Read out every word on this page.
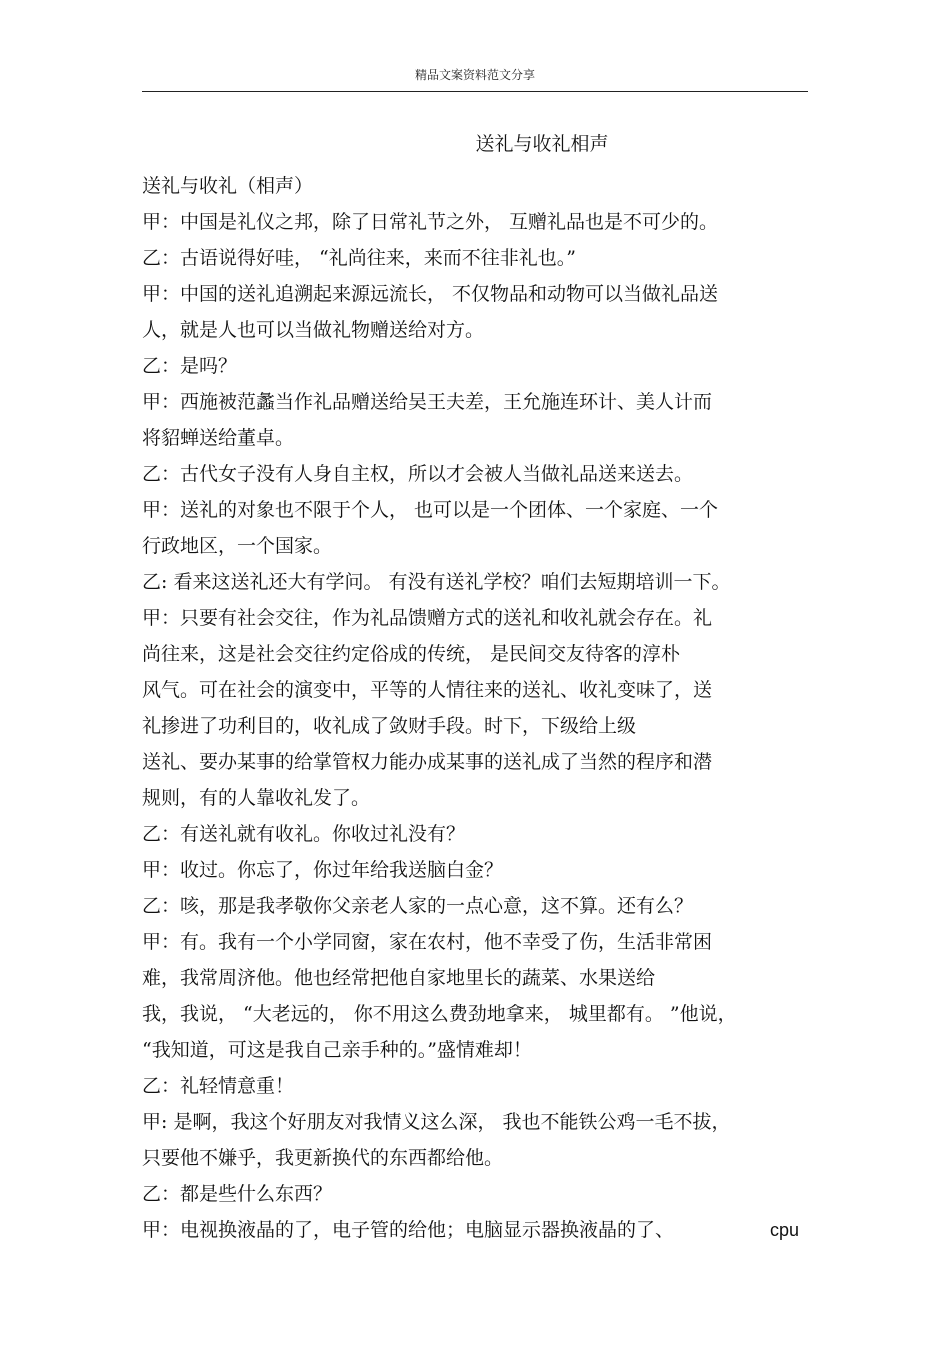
精品文案资料范文分享
送礼与收礼相声
送礼与收礼（相声）
甲：中国是礼仪之邦，除了日常礼节之外， 互赠礼品也是不可少的。
乙：古语说得好哇， “礼尚往来，来而不往非礼也。”
甲：中国的送礼追溯起来源远流长， 不仅物品和动物可以当做礼品送
人，就是人也可以当做礼物赠送给对方。
乙：是吗？
甲：西施被范蠡当作礼品赠送给吴王夫差，王允施连环计、美人计而
将貂蝉送给董卓。
乙：古代女子没有人身自主权，所以才会被人当做礼品送来送去。
甲：送礼的对象也不限于个人， 也可以是一个团体、一个家庭、一个
行政地区，一个国家。
乙: 看来这送礼还大有学问。 有没有送礼学校？咱们去短期培训一下。
甲：只要有社会交往，作为礼品馈赠方式的送礼和收礼就会存在。礼
尚往来，这是社会交往约定俗成的传统， 是民间交友待客的淳朴
风气。可在社会的演变中，平等的人情往来的送礼、收礼变味了，送
礼掺进了功利目的，收礼成了敛财手段。时下，下级给上级
送礼、要办某事的给掌管权力能办成某事的送礼成了当然的程序和潜
规则，有的人靠收礼发了。
乙：有送礼就有收礼。你收过礼没有？
甲：收过。你忘了，你过年给我送脑白金？
乙：咳，那是我孝敬你父亲老人家的一点心意，这不算。还有么？
甲：有。我有一个小学同窗，家在农村，他不幸受了伤，生活非常困
难，我常周济他。他也经常把他自家地里长的蔬菜、水果送给
我，我说， “大老远的， 你不用这么费劲地拿来， 城里都有。 ”他说，
“我知道，可这是我自己亲手种的。”盛情难却！
乙：礼轻情意重！
甲: 是啊，我这个好朋友对我情义这么深， 我也不能铁公鸡一毛不拔，
只要他不嫌乎，我更新换代的东西都给他。
乙：都是些什么东西？
甲：电视换液晶的了，电子管的给他；电脑显示器换液晶的了、	cpu
